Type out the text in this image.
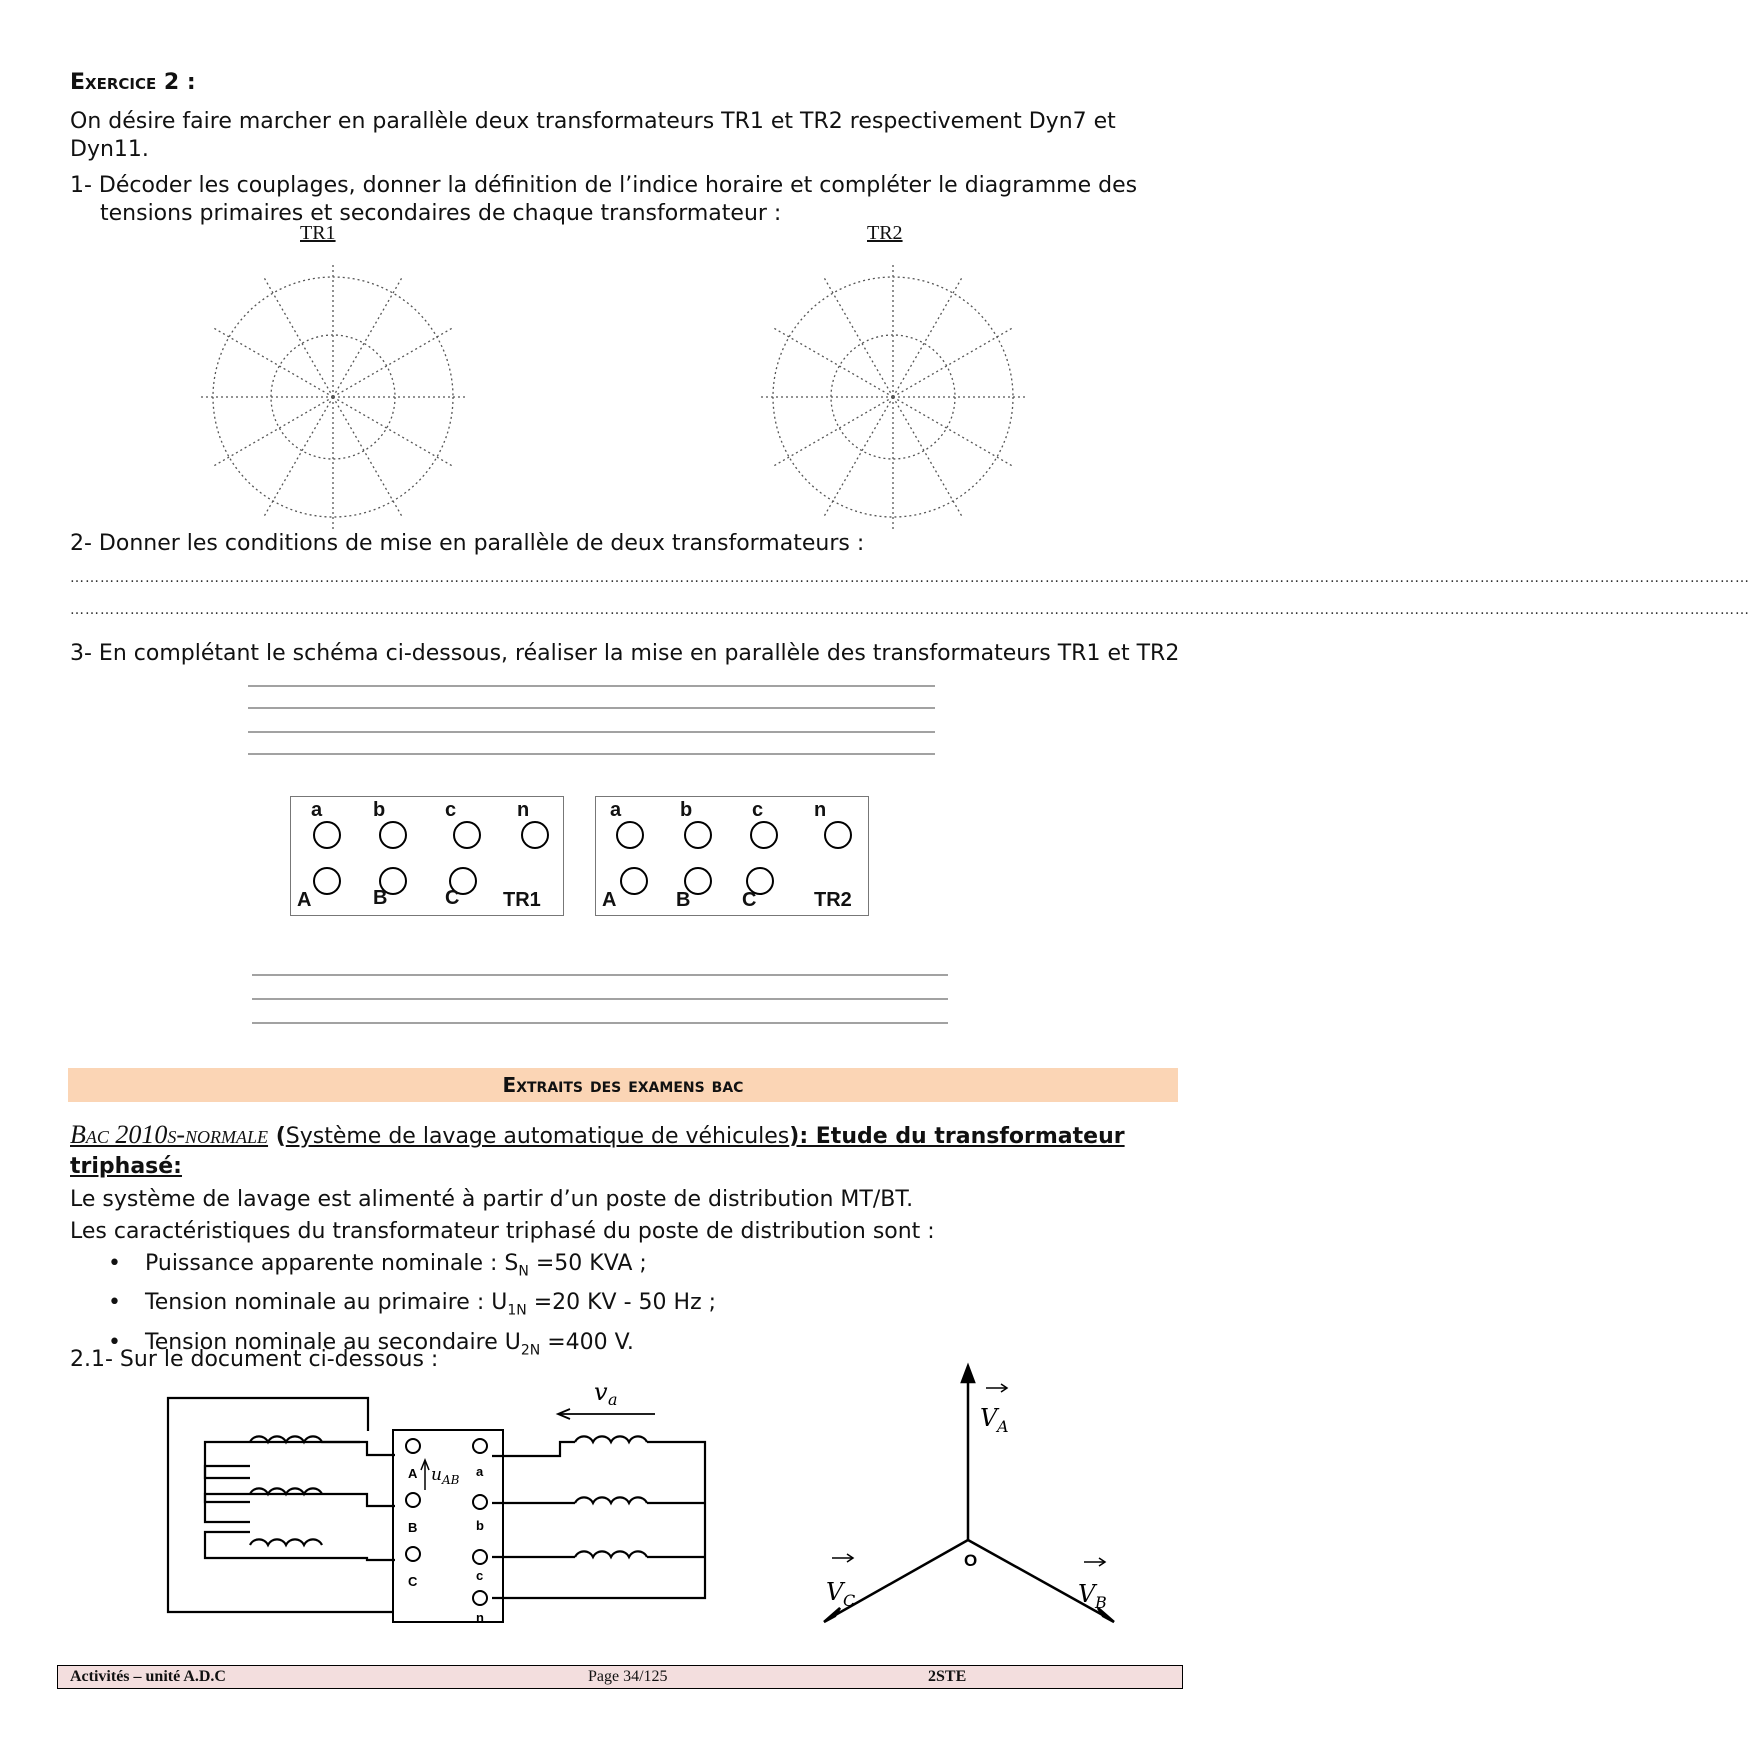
Exercice 2 :
On désire faire marcher en parallèle deux transformateurs TR1 et TR2 respectivement Dyn7 et
Dyn11.
1- Décoder les couplages, donner la définition de l’indice horaire et compléter le diagramme des
tensions primaires et secondaires de chaque transformateur :
TR1	TR2
2- Donner les conditions de mise en parallèle de deux transformateurs :
…………………………………………………………………………………………………………………………………………………………………………………………………………………………………………………………………………………………………………
…………………………………………………………………………………………………………………………………………………………………………………………………………………………………………………………………………………………………………
3- En complétant le schéma ci-dessous, réaliser la mise en parallèle des transformateurs TR1 et TR2
a	b	c	n
A	B	C TR1
a	b	c	n
A	B	C	TR2
Extraits des examens bac
Bac 2010s-normale (Système de lavage automatique de véhicules): Etude du transformateur
triphasé:
Le système de lavage est alimenté à partir d’un poste de distribution MT/BT.
Les caractéristiques du transformateur triphasé du poste de distribution sont :
• Puissance apparente nominale : $S_N =50$ KVA ;
• Tension nominale au primaire : $U_{1N} =20$ KV - 50 Hz ;
• Tension nominale au secondaire $U_{2N} =400$ V.
2.1- Sur le document ci-dessous :
A
B
C
a
b
c
n
v a
u AB
V A
V B
V C
O
Activités – unité A.D.C	Page 34/125	2STE
